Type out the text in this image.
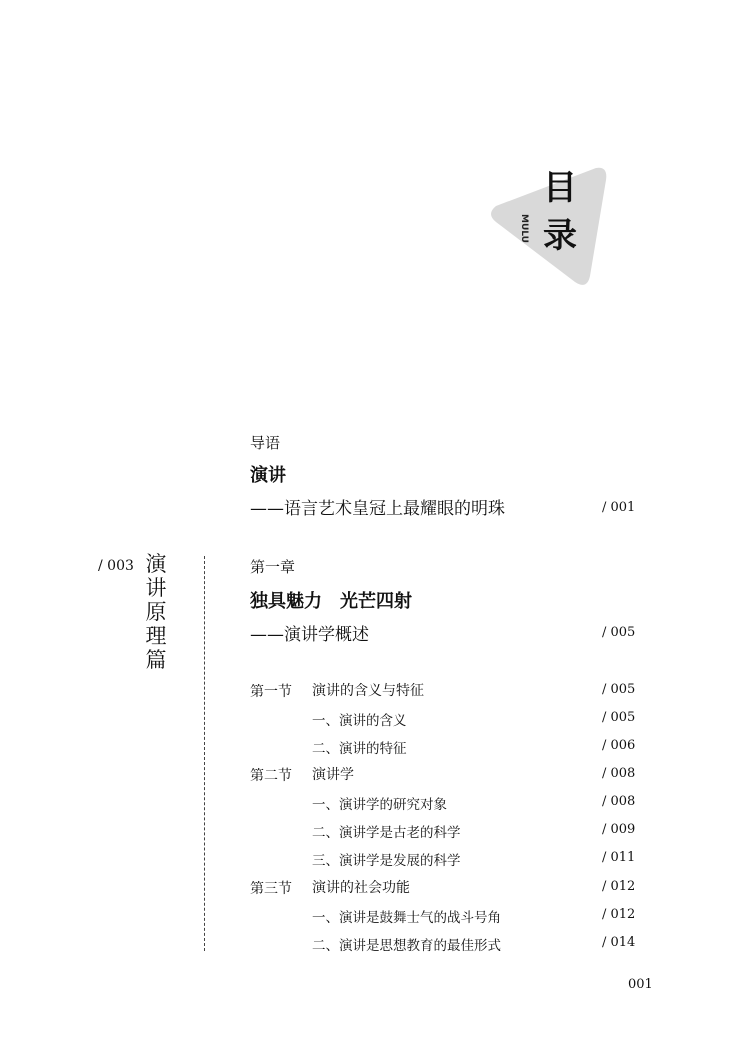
目
录
MULU
导语
演讲
——语言艺术皇冠上最耀眼的明珠	/ 001
/ 003 演讲原理篇
第一章
独具魅力　光芒四射
——演讲学概述	/ 005
第一节 演讲的含义与特征	/ 005
一、演讲的含义	/ 005
二、演讲的特征	/ 006
第二节 演讲学	/ 008
一、演讲学的研究对象	/ 008
二、演讲学是古老的科学	/ 009
三、演讲学是发展的科学	/ 011
第三节 演讲的社会功能	/ 012
一、演讲是鼓舞士气的战斗号角	/ 012
二、演讲是思想教育的最佳形式	/ 014
001
